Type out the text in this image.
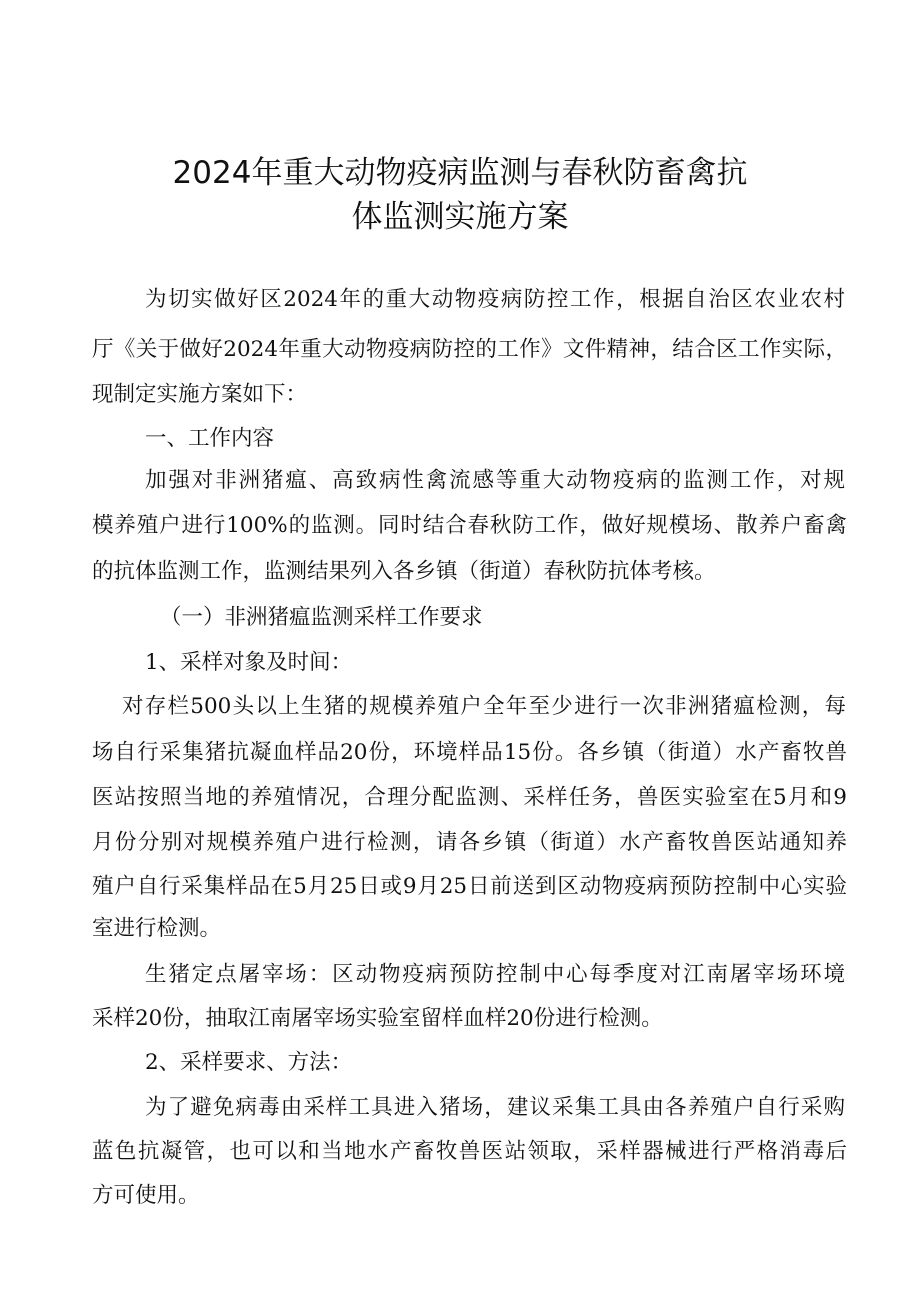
2024年重大动物疫病监测与春秋防畜禽抗
体监测实施方案
为切实做好区2024年的重大动物疫病防控工作，根据自治区农业农村
厅《关于做好2024年重大动物疫病防控的工作》文件精神，结合区工作实际，
现制定实施方案如下：
一、工作内容
加强对非洲猪瘟、高致病性禽流感等重大动物疫病的监测工作，对规
模养殖户进行100%的监测。同时结合春秋防工作，做好规模场、散养户畜禽
的抗体监测工作，监测结果列入各乡镇（街道）春秋防抗体考核。
（一）非洲猪瘟监测采样工作要求
1、采样对象及时间：
对存栏500头以上生猪的规模养殖户全年至少进行一次非洲猪瘟检测，每
场自行采集猪抗凝血样品20份，环境样品15份。各乡镇（街道）水产畜牧兽
医站按照当地的养殖情况，合理分配监测、采样任务，兽医实验室在5月和9
月份分别对规模养殖户进行检测，请各乡镇（街道）水产畜牧兽医站通知养
殖户自行采集样品在5月25日或9月25日前送到区动物疫病预防控制中心实验
室进行检测。
生猪定点屠宰场：区动物疫病预防控制中心每季度对江南屠宰场环境
采样20份，抽取江南屠宰场实验室留样血样20份进行检测。
2、采样要求、方法：
为了避免病毒由采样工具进入猪场，建议采集工具由各养殖户自行采购
蓝色抗凝管，也可以和当地水产畜牧兽医站领取，采样器械进行严格消毒后
方可使用。
